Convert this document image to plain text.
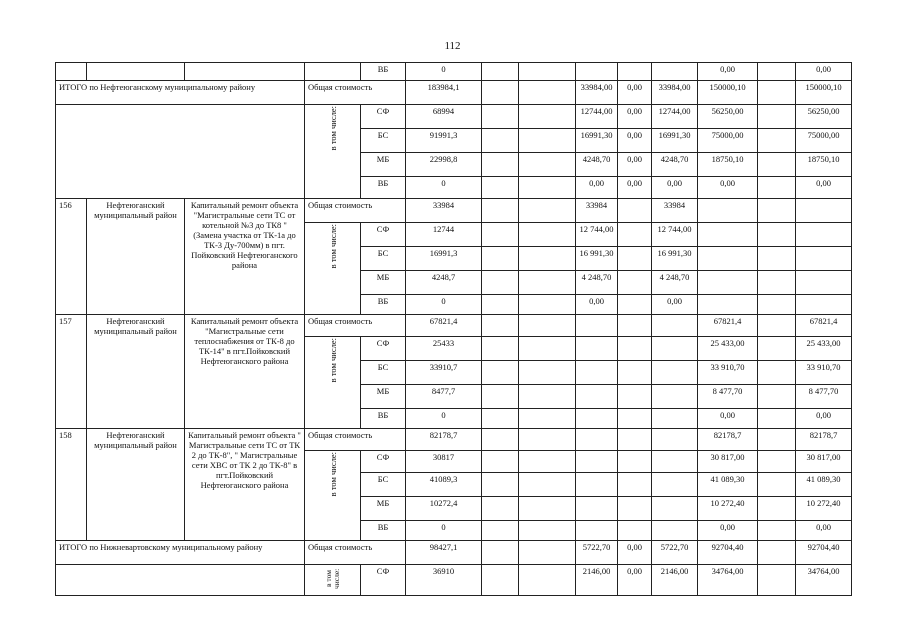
112
				ВБ	0						0,00		0,00
ИТОГО по Нефтеюганскому муниципальному району			Общая стоимость		183984,1			33984,00	0,00	33984,00	150000,10		150000,10
			в том числе:	СФ	68994			12744,00	0,00	12744,00	56250,00		56250,00
				БС	91991,3			16991,30	0,00	16991,30	75000,00		75000,00
				МБ	22998,8			4248,70	0,00	4248,70	18750,10		18750,10
				ВБ	0			0,00	0,00	0,00	0,00		0,00
156	Нефтеюганский муниципальный район	Капитальный ремонт объекта "Магистральные сети ТС от котельной №3 до ТК8 " (Замена участка от ТК-1а до ТК-3 Ду-700мм) в пгт. Пойковский Нефтеюганского района	Общая стоимость		33984			33984		33984			
			в том числе:	СФ	12744			12 744,00		12 744,00			
				БС	16991,3			16 991,30		16 991,30			
				МБ	4248,7			4 248,70		4 248,70			
				ВБ	0			0,00		0,00			
157	Нефтеюганский муниципальный район	Капитальный ремонт объекта "Магистральные сети теплоснабжения от ТК-8 до ТК-14" в пгт.Пойковский Нефтеюганского района	Общая стоимость		67821,4						67821,4		67821,4
			в том числе:	СФ	25433						25 433,00		25 433,00
				БС	33910,7						33 910,70		33 910,70
				МБ	8477,7						8 477,70		8 477,70
				ВБ	0						0,00		0,00
158	Нефтеюганский муниципальный район	Капитальный ремонт объекта " Магистральные сети ТС от ТК 2 до ТК-8", " Магистральные сети ХВС от ТК 2 до ТК-8" в пгт.Пойковский Нефтеюганского района	Общая стоимость		82178,7						82178,7		82178,7
			в том числе:	СФ	30817						30 817,00		30 817,00
				БС	41089,3						41 089,30		41 089,30
				МБ	10272,4						10 272,40		10 272,40
				ВБ	0						0,00		0,00
ИТОГО по Нижневартовскому муниципальному району			Общая стоимость		98427,1			5722,70	0,00	5722,70	92704,40		92704,40
			в том числе:	СФ	36910			2146,00	0,00	2146,00	34764,00		34764,00
